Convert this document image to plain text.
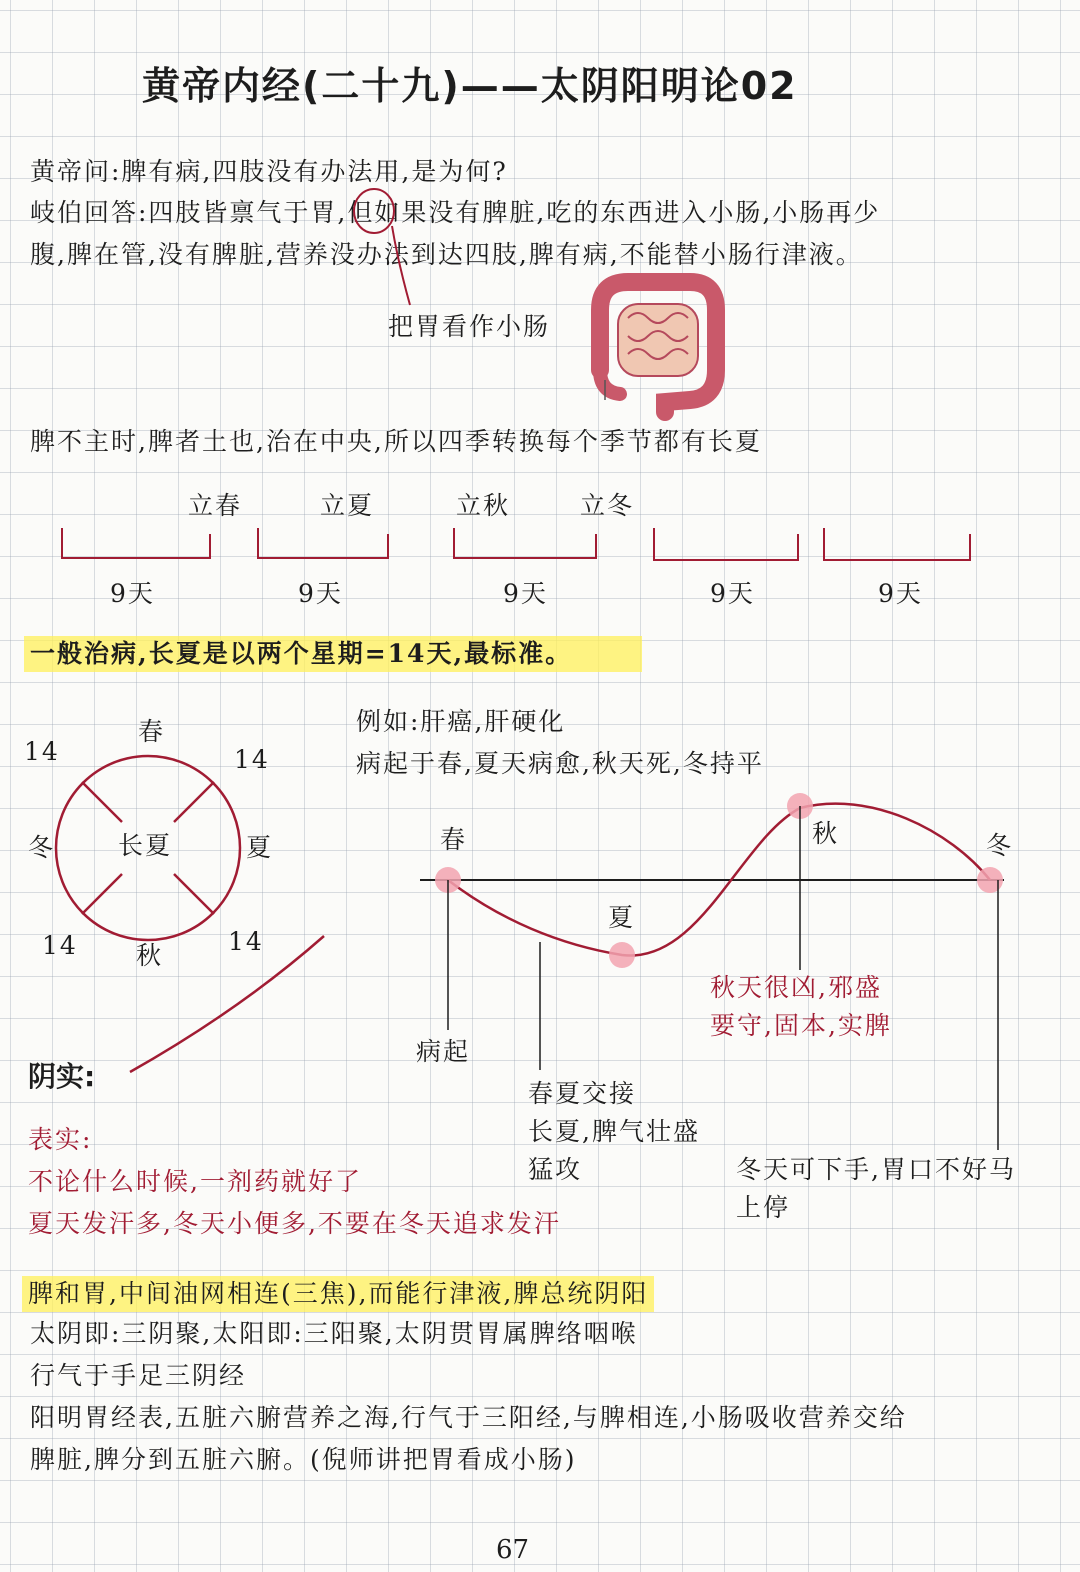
黄帝内经(二十九)——太阴阳明论02
黄帝问:脾有病,四肢没有办法用,是为何?
岐伯回答:四肢皆禀气于胃,但如果没有脾脏,吃的东西进入小肠,小肠再少
腹,脾在管,没有脾脏,营养没办法到达四肢,脾有病,不能替小肠行津液。
把胃看作小肠
脾不主时,脾者土也,治在中央,所以四季转换每个季节都有长夏
立春	立夏	立秋	立冬
9天	9天	9天	9天	9天
一般治病,长夏是以两个星期=14天,最标准。
春
秋
冬	夏
长夏
14	14
14	14
例如:肝癌,肝硬化
病起于春,夏天病愈,秋天死,冬持平
春
夏
秋	冬
病起
春夏交接
长夏,脾气壮盛
猛攻
秋天很凶,邪盛
要守,固本,实脾
冬天可下手,胃口不好马
上停
阴实:
表实:
不论什么时候,一剂药就好了
夏天发汗多,冬天小便多,不要在冬天追求发汗
脾和胃,中间油网相连(三焦),而能行津液,脾总统阴阳
太阴即:三阴聚,太阳即:三阳聚,太阴贯胃属脾络咽喉
行气于手足三阴经
阳明胃经表,五脏六腑营养之海,行气于三阳经,与脾相连,小肠吸收营养交给
脾脏,脾分到五脏六腑。(倪师讲把胃看成小肠)
67
